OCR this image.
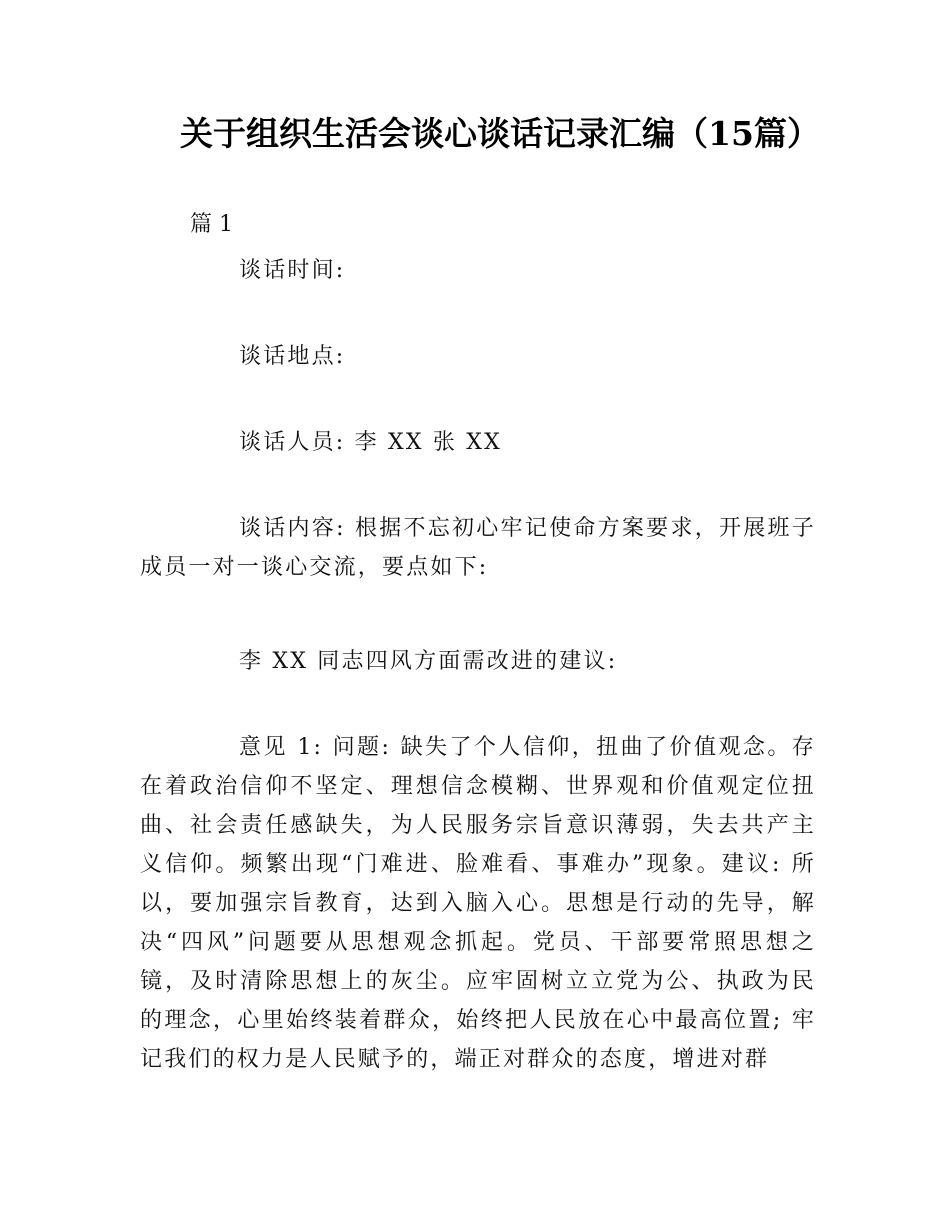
关于组织生活会谈心谈话记录汇编（15篇）

篇 1

谈话时间:

谈话地点:

谈话人员: 李 XX 张 XX

谈话内容: 根据不忘初心牢记使命方案要求，开展班子成员一对一谈心交流，要点如下:

李 XX 同志四风方面需改进的建议:

意见 1: 问题: 缺失了个人信仰，扭曲了价值观念。存在着政治信仰不坚定、理想信念模糊、世界观和价值观定位扭曲、社会责任感缺失，为人民服务宗旨意识薄弱，失去共产主义信仰。频繁出现“门难进、脸难看、事难办”现象。建议: 所以，要加强宗旨教育，达到入脑入心。思想是行动的先导，解决“四风”问题要从思想观念抓起。党员、干部要常照思想之镜，及时清除思想上的灰尘。应牢固树立立党为公、执政为民的理念，心里始终装着群众，始终把人民放在心中最高位置; 牢记我们的权力是人民赋予的，端正对群众的态度，增进对群
